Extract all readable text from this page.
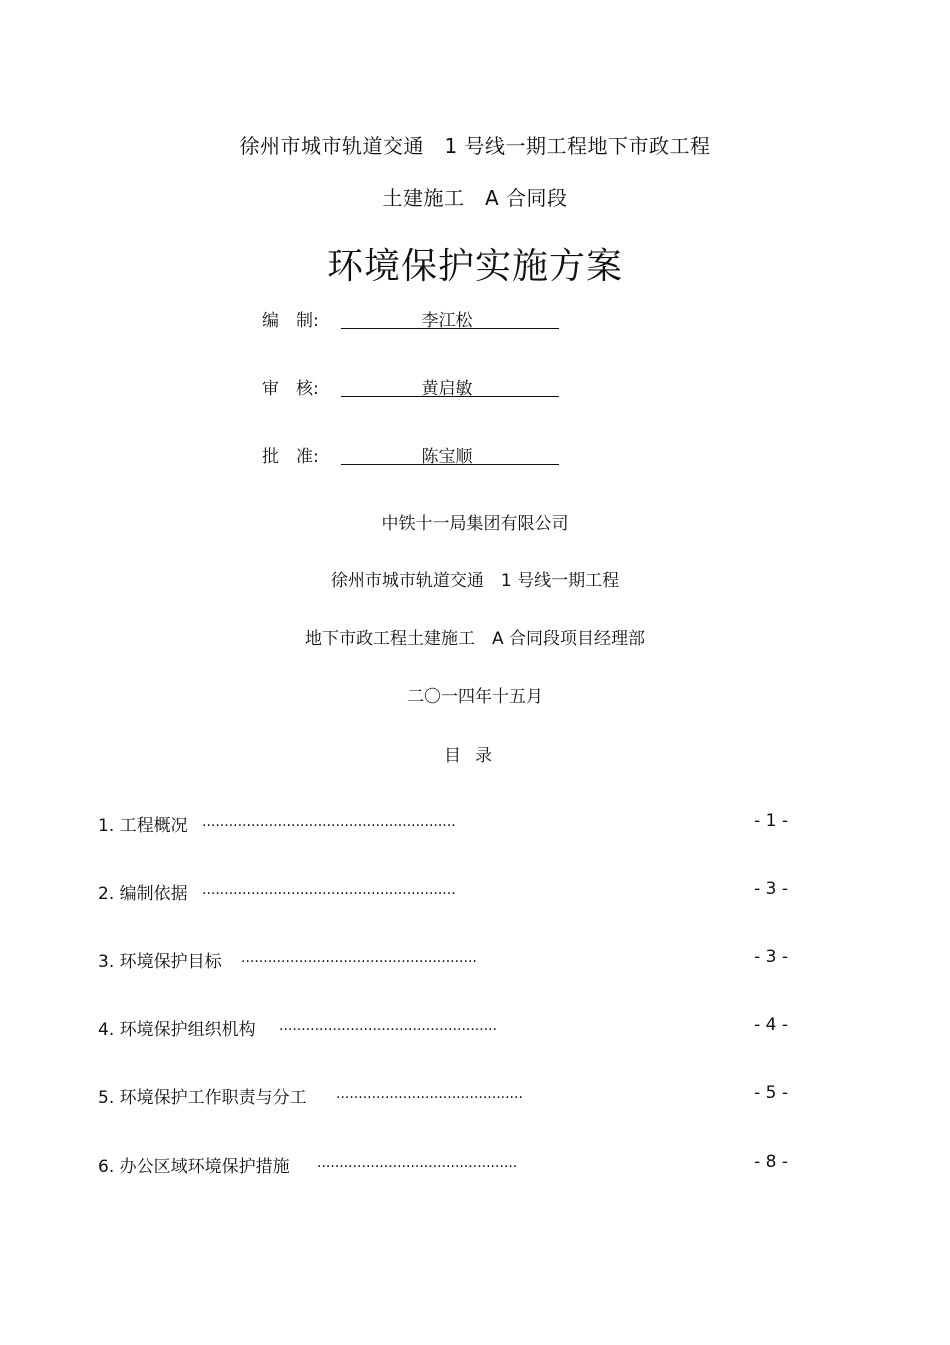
徐州市城市轨道交通　1 号线一期工程地下市政工程
土建施工　A 合同段
环境保护实施方案
编　制:	李江松
审　核:	黄启敏
批　准:	陈宝顺
中铁十一局集团有限公司
徐州市城市轨道交通　1 号线一期工程
地下市政工程土建施工　A 合同段项目经理部
二〇一四年十五月
目录
1. 工程概况 .........................................................	- 1 -
2. 编制依据 .........................................................	- 3 -
3. 环境保护目标 .....................................................	- 3 -
4. 环境保护组织机构 .................................................	- 4 -
5. 环境保护工作职责与分工 ..........................................	- 5 -
6. 办公区域环境保护措施 .............................................	- 8 -
